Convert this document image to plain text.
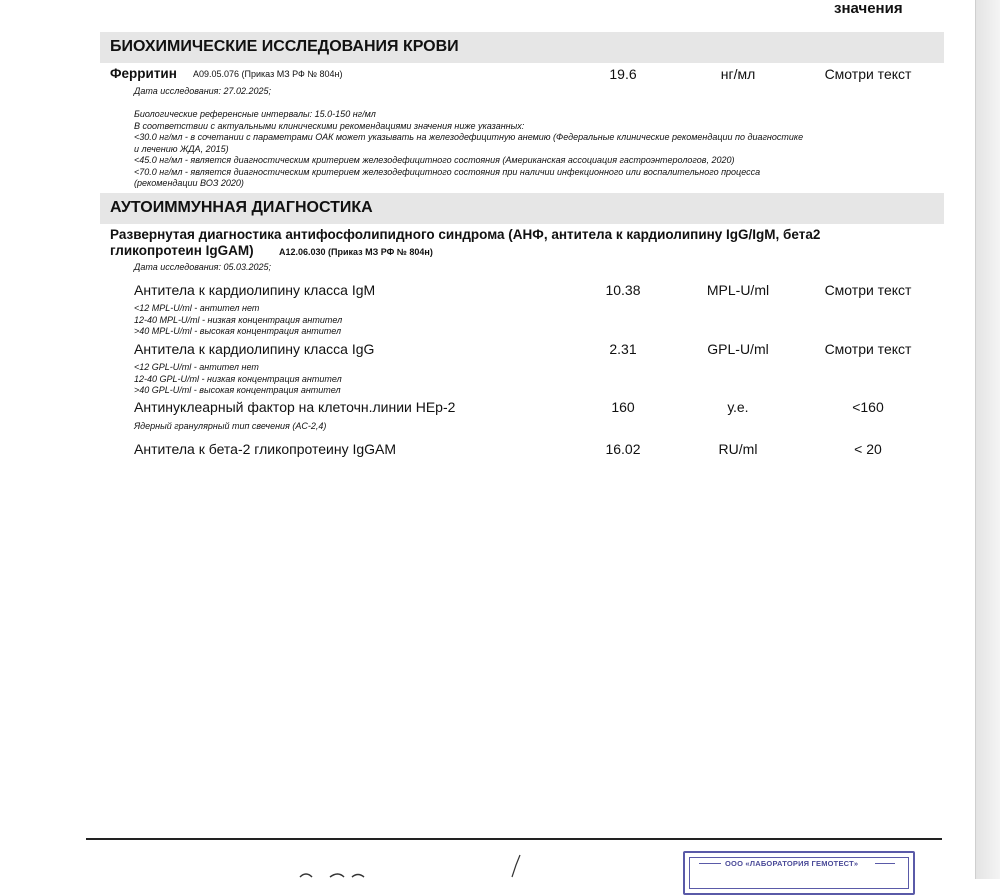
значения
БИОХИМИЧЕСКИЕ ИССЛЕДОВАНИЯ КРОВИ
Ферритин A09.05.076 (Приказ МЗ РФ № 804н)	19.6	нг/мл	Смотри текст
Дата исследования: 27.02.2025;
Биологические референсные интервалы: 15.0-150 нг/мл
В соответствии с актуальными клиническими рекомендациями значения ниже указанных:
<30.0 нг/мл - в сочетании с параметрами ОАК может указывать на железодефицитную анемию (Федеральные клинические рекомендации по диагностике
и лечению ЖДА, 2015)
<45.0 нг/мл - является диагностическим критерием железодефицитного состояния (Американская ассоциация гастроэнтерологов, 2020)
<70.0 нг/мл - является диагностическим критерием железодефицитного состояния при наличии инфекционного или воспалительного процесса
(рекомендации ВОЗ 2020)
АУТОИММУННАЯ ДИАГНОСТИКА
Развернутая диагностика антифосфолипидного синдрома (АНФ, антитела к кардиолипину IgG/IgM, бета2
гликопротеин IgGAM)	A12.06.030 (Приказ МЗ РФ № 804н)
Дата исследования: 05.03.2025;
Антитела к кардиолипину класса IgM	10.38	MPL-U/ml	Смотри текст
<12 MPL-U/ml - антител нет
12-40 MPL-U/ml - низкая концентрация антител
>40 MPL-U/ml - высокая концентрация антител
Антитела к кардиолипину класса IgG	2.31	GPL-U/ml	Смотри текст
<12 GPL-U/ml - антител нет
12-40 GPL-U/ml - низкая концентрация антител
>40 GPL-U/ml - высокая концентрация антител
Антинуклеарный фактор на клеточн.линии HEp-2	160	у.е.	<160
Ядерный гранулярный тип свечения (AC-2,4)
Антитела к бета-2 гликопротеину IgGAM	16.02	RU/ml	< 20
ООО «ЛАБОРАТОРИЯ ГЕМОТЕСТ»
